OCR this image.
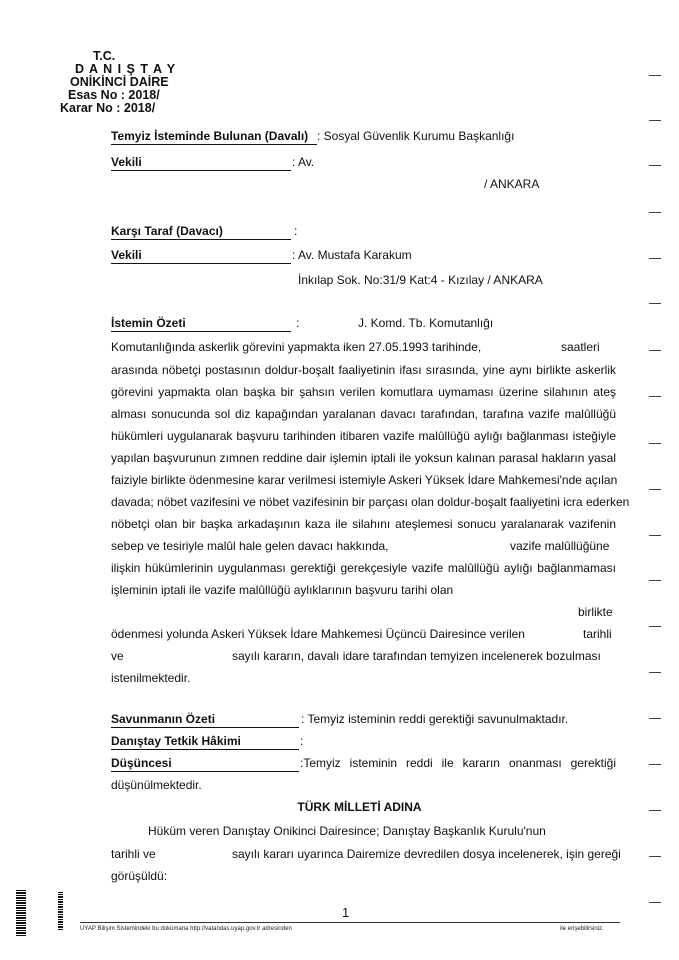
T.C.
D A N I Ş T A Y
ONİKİNCİ DAİRE
Esas No : 2018/
Karar No : 2018/
Temyiz İsteminde Bulunan (Davalı) : Sosyal Güvenlik Kurumu Başkanlığı
Vekili	: Av.
/ ANKARA
Karşı Taraf (Davacı)	:
Vekili	: Av. Mustafa Karakum
İnkılap Sok. No:31/9 Kat:4 - Kızılay / ANKARA
İstemin Özeti	:	J. Komd. Tb. Komutanlığı
Komutanlığında askerlik görevini yapmakta iken 27.05.1993 tarihinde,	saatleri
arasında nöbetçi postasının doldur-boşalt faaliyetinin ifası sırasında, yine aynı birlikte askerlik
görevini yapmakta olan başka bir şahsın verilen komutlara uymaması üzerine silahının ateş
alması sonucunda sol diz kapağından yaralanan davacı tarafından, tarafına vazife malûllüğü
hükümleri uygulanarak başvuru tarihinden itibaren vazife malûllüğü aylığı bağlanması isteğiyle
yapılan başvurunun zımnen reddine dair işlemin iptali ile yoksun kalınan parasal hakların yasal
faiziyle birlikte ödenmesine karar verilmesi istemiyle Askeri Yüksek İdare Mahkemesi'nde açılan
davada; nöbet vazifesini ve nöbet vazifesinin bir parçası olan doldur-boşalt faaliyetini icra ederken
nöbetçi olan bir başka arkadaşının kaza ile silahını ateşlemesi sonucu yaralanarak vazifenin
sebep ve tesiriyle malûl hale gelen davacı hakkında,	vazife malûllüğüne
ilişkin hükümlerinin uygulanması gerektiği gerekçesiyle vazife malûllüğü aylığı bağlanmaması
işleminin iptali ile vazife malûllüğü aylıklarının başvuru tarihi olan
birlikte
ödenmesi yolunda Askeri Yüksek İdare Mahkemesi Üçüncü Dairesince verilen	tarihli
ve	sayılı kararın, davalı idare tarafından temyizen incelenerek bozulması
istenilmektedir.
Savunmanın Özeti	: Temyiz isteminin reddi gerektiği savunulmaktadır.
Danıştay Tetkik Hâkimi	:
Düşüncesi	:Temyiz isteminin reddi ile kararın onanması gerektiği
düşünülmektedir.
TÜRK MİLLETİ ADINA
Hüküm veren Danıştay Onikinci Dairesince; Danıştay Başkanlık Kurulu'nun
tarihli ve	sayılı kararı uyarınca Dairemize devredilen dosya incelenerek, işin gereği
görüşüldü:
1
UYAP Bilişim Sistemindeki bu dokümana http://vatandas.uyap.gov.tr adresinden	ile erişebilirsiniz.
